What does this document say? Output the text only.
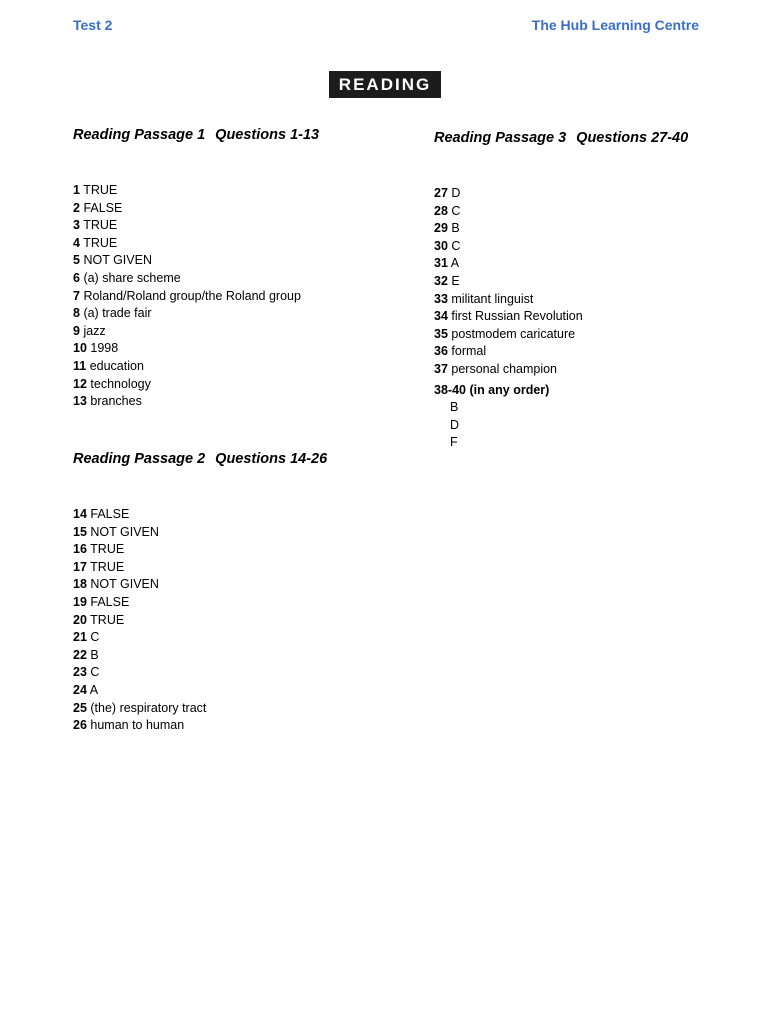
Test 2	The Hub Learning Centre
READING
Reading Passage 1 Questions 1-13
1 TRUE
2 FALSE
3 TRUE
4 TRUE
5 NOT GIVEN
6 (a) share scheme
7 Roland/Roland group/the Roland group
8 (a) trade fair
9 jazz
10 1998
11 education
12 technology
13 branches
Reading Passage 2 Questions 14-26
14 FALSE
15 NOT GIVEN
16 TRUE
17 TRUE
18 NOT GIVEN
19 FALSE
20 TRUE
21 C
22 B
23 C
24 A
25 (the) respiratory tract
26 human to human
Reading Passage 3 Questions 27-40
27 D
28 C
29 B
30 C
31 A
32 E
33 militant linguist
34 first Russian Revolution
35 postmodem caricature
36 formal
37 personal champion
38-40 (in any order)
B
D
F
